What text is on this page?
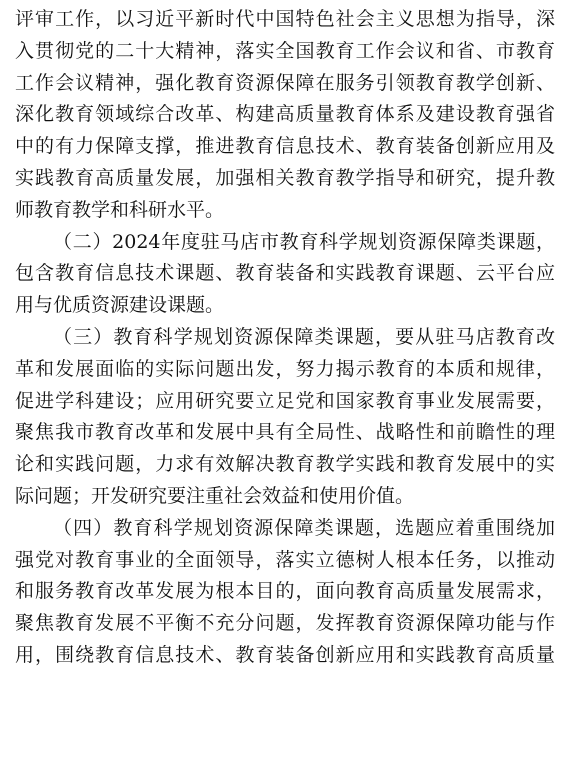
评审工作，以习近平新时代中国特色社会主义思想为指导，深
入贯彻党的二十大精神，落实全国教育工作会议和省、市教育
工作会议精神，强化教育资源保障在服务引领教育教学创新、
深化教育领域综合改革、构建高质量教育体系及建设教育强省
中的有力保障支撑，推进教育信息技术、教育装备创新应用及
实践教育高质量发展，加强相关教育教学指导和研究，提升教
师教育教学和科研水平。
（二）2024年度驻马店市教育科学规划资源保障类课题，
包含教育信息技术课题、教育装备和实践教育课题、云平台应
用与优质资源建设课题。
（三）教育科学规划资源保障类课题，要从驻马店教育改
革和发展面临的实际问题出发，努力揭示教育的本质和规律，
促进学科建设；应用研究要立足党和国家教育事业发展需要，
聚焦我市教育改革和发展中具有全局性、战略性和前瞻性的理
论和实践问题，力求有效解决教育教学实践和教育发展中的实
际问题；开发研究要注重社会效益和使用价值。
（四）教育科学规划资源保障类课题，选题应着重围绕加
强党对教育事业的全面领导，落实立德树人根本任务，以推动
和服务教育改革发展为根本目的，面向教育高质量发展需求，
聚焦教育发展不平衡不充分问题，发挥教育资源保障功能与作
用，围绕教育信息技术、教育装备创新应用和实践教育高质量
